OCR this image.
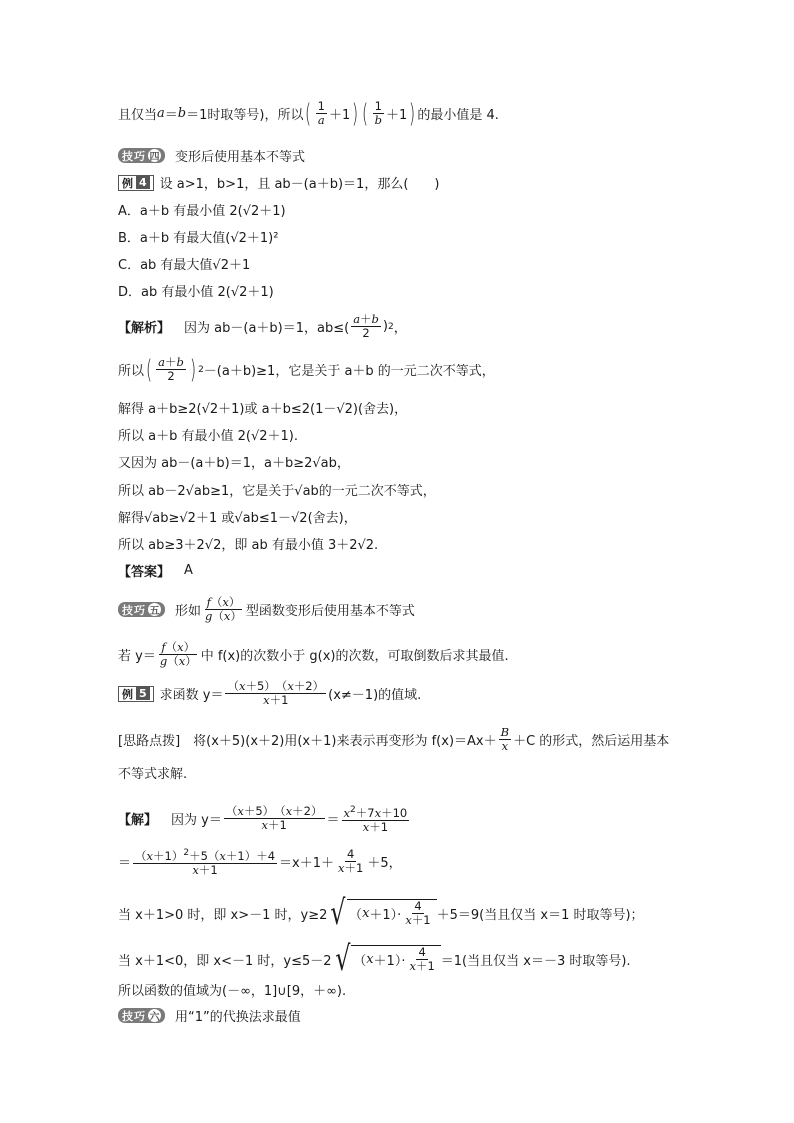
且仅当 a ＝ b ＝1 时取等号)，所以 ( $\frac{1}{a} +1$ ) ( $\frac{1}{b} +1$ ) 的最小值是 4.
技巧 四 变形后使用基本不等式
例 4 设 a>1，b>1，且 ab－(a＋b)＝1，那么(　　)
A．a＋b 有最小值 2(√2＋1)
B．a＋b 有最大值(√2＋1)²
C．ab 有最大值√2＋1
D．ab 有最小值 2(√2＋1)
【解析】 因为 ab－(a＋b)＝1，$ab\le( \frac{a+b}{2}$ ) 2 ，
所以 ( $\frac{a+b}{2}$ ) 2 －(a＋b)≥1，它是关于 a＋b 的一元二次不等式，
解得 a＋b≥2(√2＋1)或 a＋b≤2(1－√2)(舍去)，
所以 a＋b 有最小值 2(√2＋1).
又因为 ab－(a＋b)＝1，a＋b≥2√ab，
所以 ab－2√ab≥1，它是关于√ab的一元二次不等式，
解得√ab≥√2＋1 或√ab≤1－√2(舍去)，
所以 ab≥3＋2√2，即 ab 有最小值 3＋2√2.
【答案】 A
技巧 五 形如 $\frac{f(x)}{g(x)}$ 型函数变形后使用基本不等式
若 $y= \frac{f(x)}{g(x)}$ 中 f(x)的次数小于 g(x)的次数，可取倒数后求其最值.
例 5 求函数 $y= \frac{(x+5) (x+2)}{x+1} (x\ne-1)$的值域.
[思路点拨]　将(x＋5)(x＋2)用(x＋1)来表示再变形为 $f(x)=Ax+ \frac{B}{x} +C$ 的形式，然后运用基本
不等式求解.
【解】 因为 $y= \frac{(x+5) (x+2)}{x+1} = \frac{x^2+7x+10}{x+1}$
＝ $\frac{(x+1)^2+5(x+1)+4}{x+1} =x+1+ \frac{4}{x+1} +5$，
当 x＋1>0 时，即 x>－1 时，y≥2 √ （ $x +1)\cdot \frac{4}{x+1} +5=9$(当且仅当 x＝1 时取等号)；
当 x＋1<0，即 x<－1 时，y≤5－2 √ （ $x +1)\cdot \frac{4}{x+1} =1$(当且仅当 x＝－3 时取等号).
所以函数的值域为(－∞，1]∪[9，＋∞).
技巧 六 用“1”的代换法求最值
